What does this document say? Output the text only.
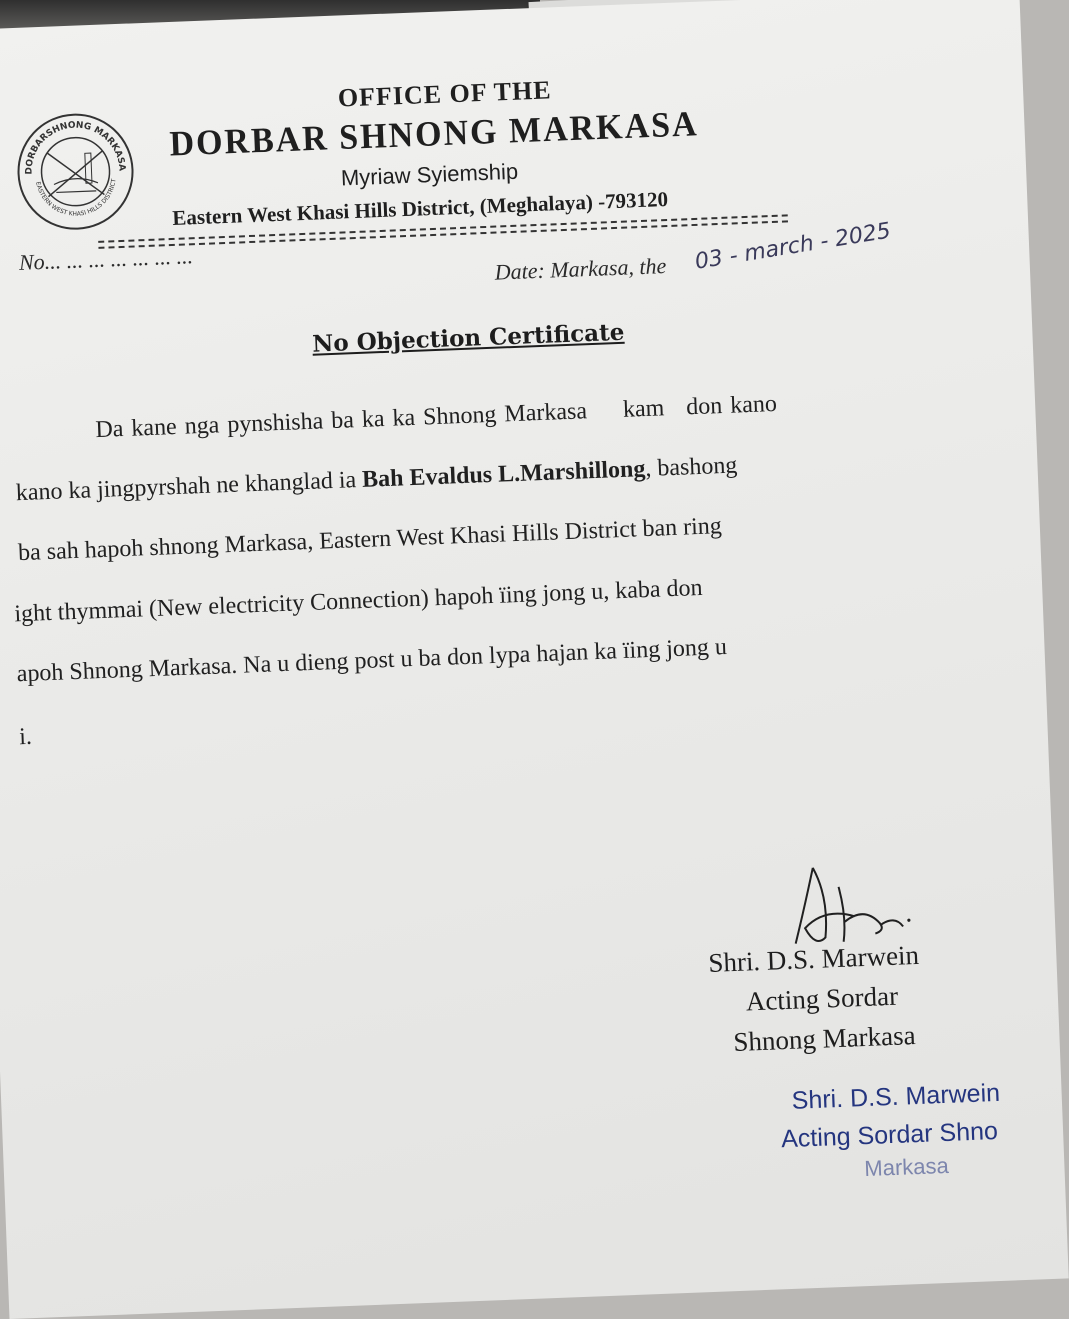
DORBARSHNONG MARKASA
EASTERN WEST KHASI HILLS DISTRICT
OFFICE OF THE
DORBAR SHNONG MARKASA
Myriaw Syiemship
Eastern West Khasi Hills District, (Meghalaya) -793120
No... ... ... ... ... ... ...	Date: Markasa, the 03 - march - 2025
No Objection Certificate
Da kane nga pynshisha ba ka ka Shnong Markasa kam don kano
kano ka jingpyrshah ne khanglad ia Bah Evaldus L.Marshillong, bashong
ba sah hapoh shnong Markasa, Eastern West Khasi Hills District ban ring
ight thymmai (New electricity Connection) hapoh ïing jong u, kaba don
apoh Shnong Markasa. Na u dieng post u ba don lypa hajan ka ïing jong u
i.
Shri. D.S. Marwein
Acting Sordar
Shnong Markasa
Shri. D.S. Marwein
Acting Sordar Shno
Markasa
